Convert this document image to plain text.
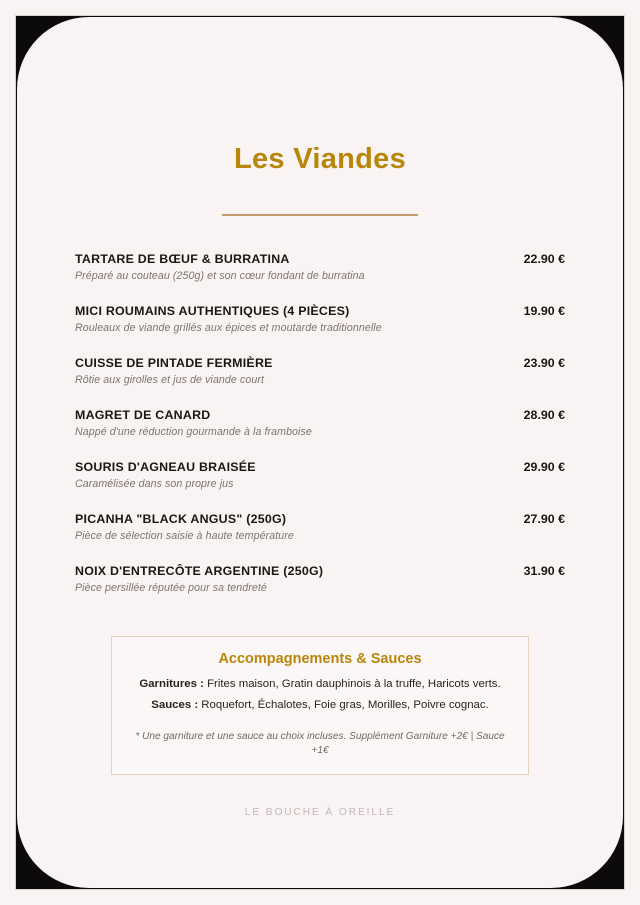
Les Viandes
TARTARE DE BŒUF & BURRATINA	22.90 €
Préparé au couteau (250g) et son cœur fondant de burratina
MICI ROUMAINS AUTHENTIQUES (4 PIÈCES)	19.90 €
Rouleaux de viande grillés aux épices et moutarde traditionnelle
CUISSE DE PINTADE FERMIÈRE	23.90 €
Rôtie aux girolles et jus de viande court
MAGRET DE CANARD	28.90 €
Nappé d'une réduction gourmande à la framboise
SOURIS D'AGNEAU BRAISÉE	29.90 €
Caramélisée dans son propre jus
PICANHA "BLACK ANGUS" (250G)	27.90 €
Pièce de sélection saisie à haute température
NOIX D'ENTRECÔTE ARGENTINE (250G)	31.90 €
Pièce persillée réputée pour sa tendreté
Accompagnements & Sauces
Garnitures : Frites maison, Gratin dauphinois à la truffe, Haricots verts.
Sauces : Roquefort, Échalotes, Foie gras, Morilles, Poivre cognac.
* Une garniture et une sauce au choix incluses. Supplément Garniture +2€ | Sauce +1€
LE BOUCHE À OREILLE
